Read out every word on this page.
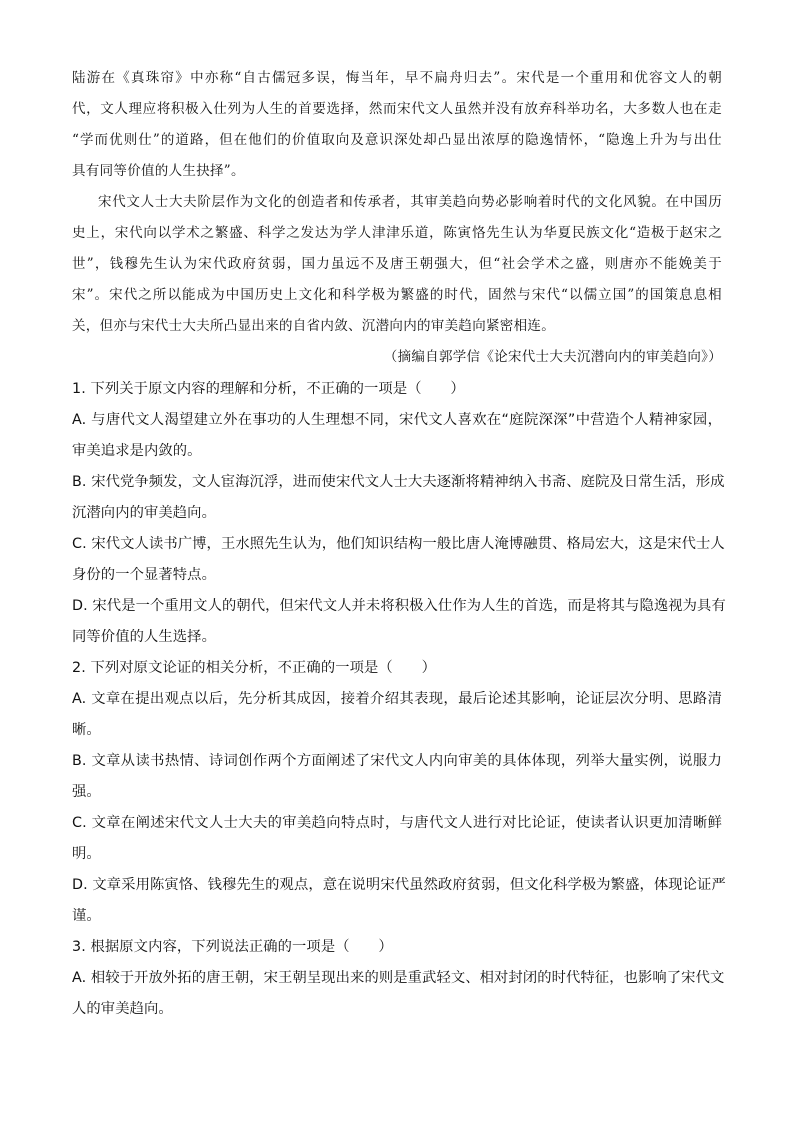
陆游在《真珠帘》中亦称“自古儒冠多误，悔当年，早不扁舟归去”。宋代是一个重用和优容文人的朝
代，文人理应将积极入仕列为人生的首要选择，然而宋代文人虽然并没有放弃科举功名，大多数人也在走
“学而优则仕”的道路，但在他们的价值取向及意识深处却凸显出浓厚的隐逸情怀，“隐逸上升为与出仕
具有同等价值的人生抉择”。
宋代文人士大夫阶层作为文化的创造者和传承者，其审美趋向势必影响着时代的文化风貌。在中国历
史上，宋代向以学术之繁盛、科学之发达为学人津津乐道，陈寅恪先生认为华夏民族文化“造极于赵宋之
世”，钱穆先生认为宋代政府贫弱，国力虽远不及唐王朝强大，但“社会学术之盛，则唐亦不能娩美于
宋”。宋代之所以能成为中国历史上文化和科学极为繁盛的时代，固然与宋代“以儒立国”的国策息息相
关，但亦与宋代士大夫所凸显出来的自省内敛、沉潜向内的审美趋向紧密相连。
（摘编自郭学信《论宋代士大夫沉潜向内的审美趋向》）
1. 下列关于原文内容的理解和分析，不正确的一项是（　　）
A. 与唐代文人渴望建立外在事功的人生理想不同，宋代文人喜欢在“庭院深深”中营造个人精神家园，
审美追求是内敛的。
B. 宋代党争频发，文人宦海沉浮，进而使宋代文人士大夫逐渐将精神纳入书斋、庭院及日常生活，形成
沉潜向内的审美趋向。
C. 宋代文人读书广博，王水照先生认为，他们知识结构一般比唐人淹博融贯、格局宏大，这是宋代士人
身份的一个显著特点。
D. 宋代是一个重用文人的朝代，但宋代文人并未将积极入仕作为人生的首选，而是将其与隐逸视为具有
同等价值的人生选择。
2. 下列对原文论证的相关分析，不正确的一项是（　　）
A. 文章在提出观点以后，先分析其成因，接着介绍其表现，最后论述其影响，论证层次分明、思路清
晰。
B. 文章从读书热情、诗词创作两个方面阐述了宋代文人内向审美的具体体现，列举大量实例，说服力
强。
C. 文章在阐述宋代文人士大夫的审美趋向特点时，与唐代文人进行对比论证，使读者认识更加清晰鲜
明。
D. 文章采用陈寅恪、钱穆先生的观点，意在说明宋代虽然政府贫弱，但文化科学极为繁盛，体现论证严
谨。
3. 根据原文内容，下列说法正确的一项是（　　）
A. 相较于开放外拓的唐王朝，宋王朝呈现出来的则是重武轻文、相对封闭的时代特征，也影响了宋代文
人的审美趋向。
